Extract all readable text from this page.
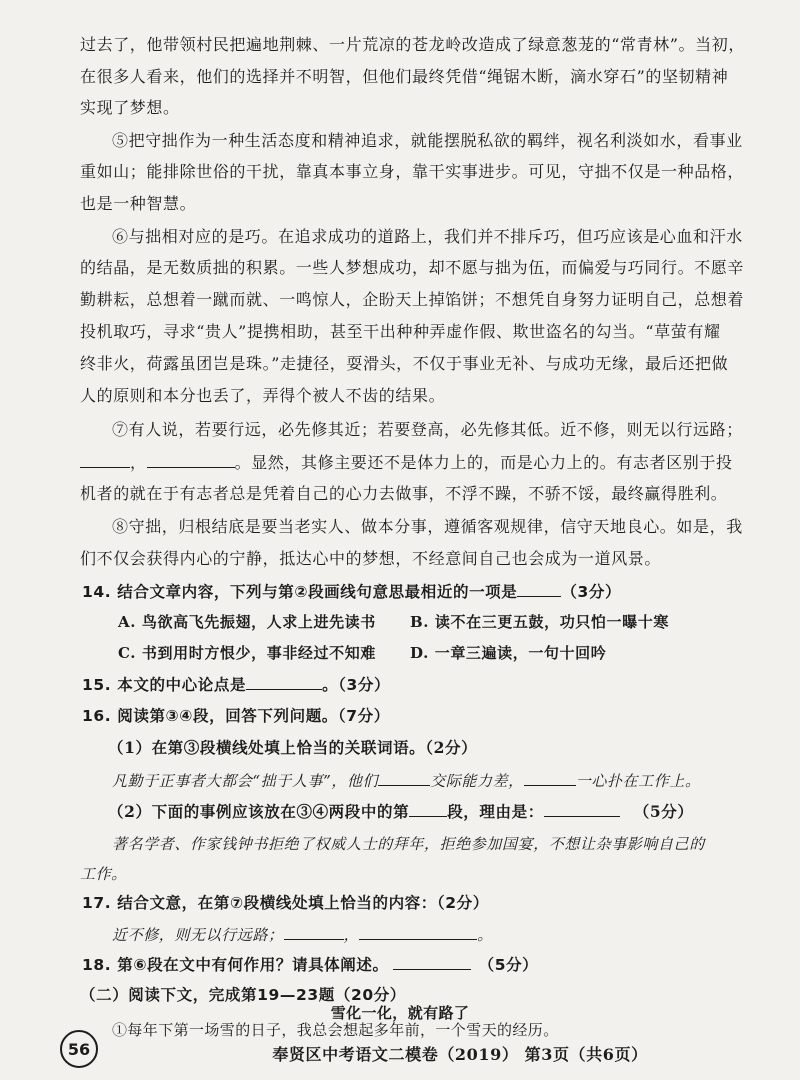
过去了，他带领村民把遍地荆棘、一片荒凉的苍龙岭改造成了绿意葱茏的“常青林”。当初，
在很多人看来，他们的选择并不明智，但他们最终凭借“绳锯木断，滴水穿石”的坚韧精神
实现了梦想。
⑤把守拙作为一种生活态度和精神追求，就能摆脱私欲的羁绊，视名利淡如水，看事业
重如山；能排除世俗的干扰，靠真本事立身，靠干实事进步。可见，守拙不仅是一种品格，
也是一种智慧。
⑥与拙相对应的是巧。在追求成功的道路上，我们并不排斥巧，但巧应该是心血和汗水
的结晶，是无数质拙的积累。一些人梦想成功，却不愿与拙为伍，而偏爱与巧同行。不愿辛
勤耕耘，总想着一蹴而就、一鸣惊人，企盼天上掉馅饼；不想凭自身努力证明自己，总想着
投机取巧，寻求“贵人”提携相助，甚至干出种种弄虚作假、欺世盗名的勾当。“草萤有耀
终非火，荷露虽团岂是珠。”走捷径，耍滑头，不仅于事业无补、与成功无缘，最后还把做
人的原则和本分也丢了，弄得个被人不齿的结果。
⑦有人说，若要行远，必先修其近；若要登高，必先修其低。近不修，则无以行远路；
，	。显然，其修主要还不是体力上的，而是心力上的。有志者区别于投
机者的就在于有志者总是凭着自己的心力去做事，不浮不躁，不骄不馁，最终赢得胜利。
⑧守拙，归根结底是要当老实人、做本分事，遵循客观规律，信守天地良心。如是，我
们不仅会获得内心的宁静，抵达心中的梦想，不经意间自己也会成为一道风景。
14. 结合文章内容，下列与第②段画线句意思最相近的一项是	（3分）
A. 鸟欲高飞先振翅，人求上进先读书	B. 读不在三更五鼓，功只怕一曝十寒
C. 书到用时方恨少，事非经过不知难	D. 一章三遍读，一句十回吟
15. 本文的中心论点是	。（3分）
16. 阅读第③④段，回答下列问题。（7分）
（1）在第③段横线处填上恰当的关联词语。（2分）
凡勤于正事者大都会“拙于人事”，他们	交际能力差，	一心扑在工作上。
（2）下面的事例应该放在③④两段中的第 段，理由是：	（5分）
著名学者、作家钱钟书拒绝了权威人士的拜年，拒绝参加国宴，不想让杂事影响自己的
工作。
17. 结合文意，在第⑦段横线处填上恰当的内容：（2分）
近不修，则无以行远路；	，	。
18. 第⑥段在文中有何作用？请具体阐述。	（5分）
（二）阅读下文，完成第19—23题（20分）
56	奉贤区中考语文二模卷（2019） 第3页（共6页）
雪化一化，就有路了
①每年下第一场雪的日子，我总会想起多年前，一个雪天的经历。
